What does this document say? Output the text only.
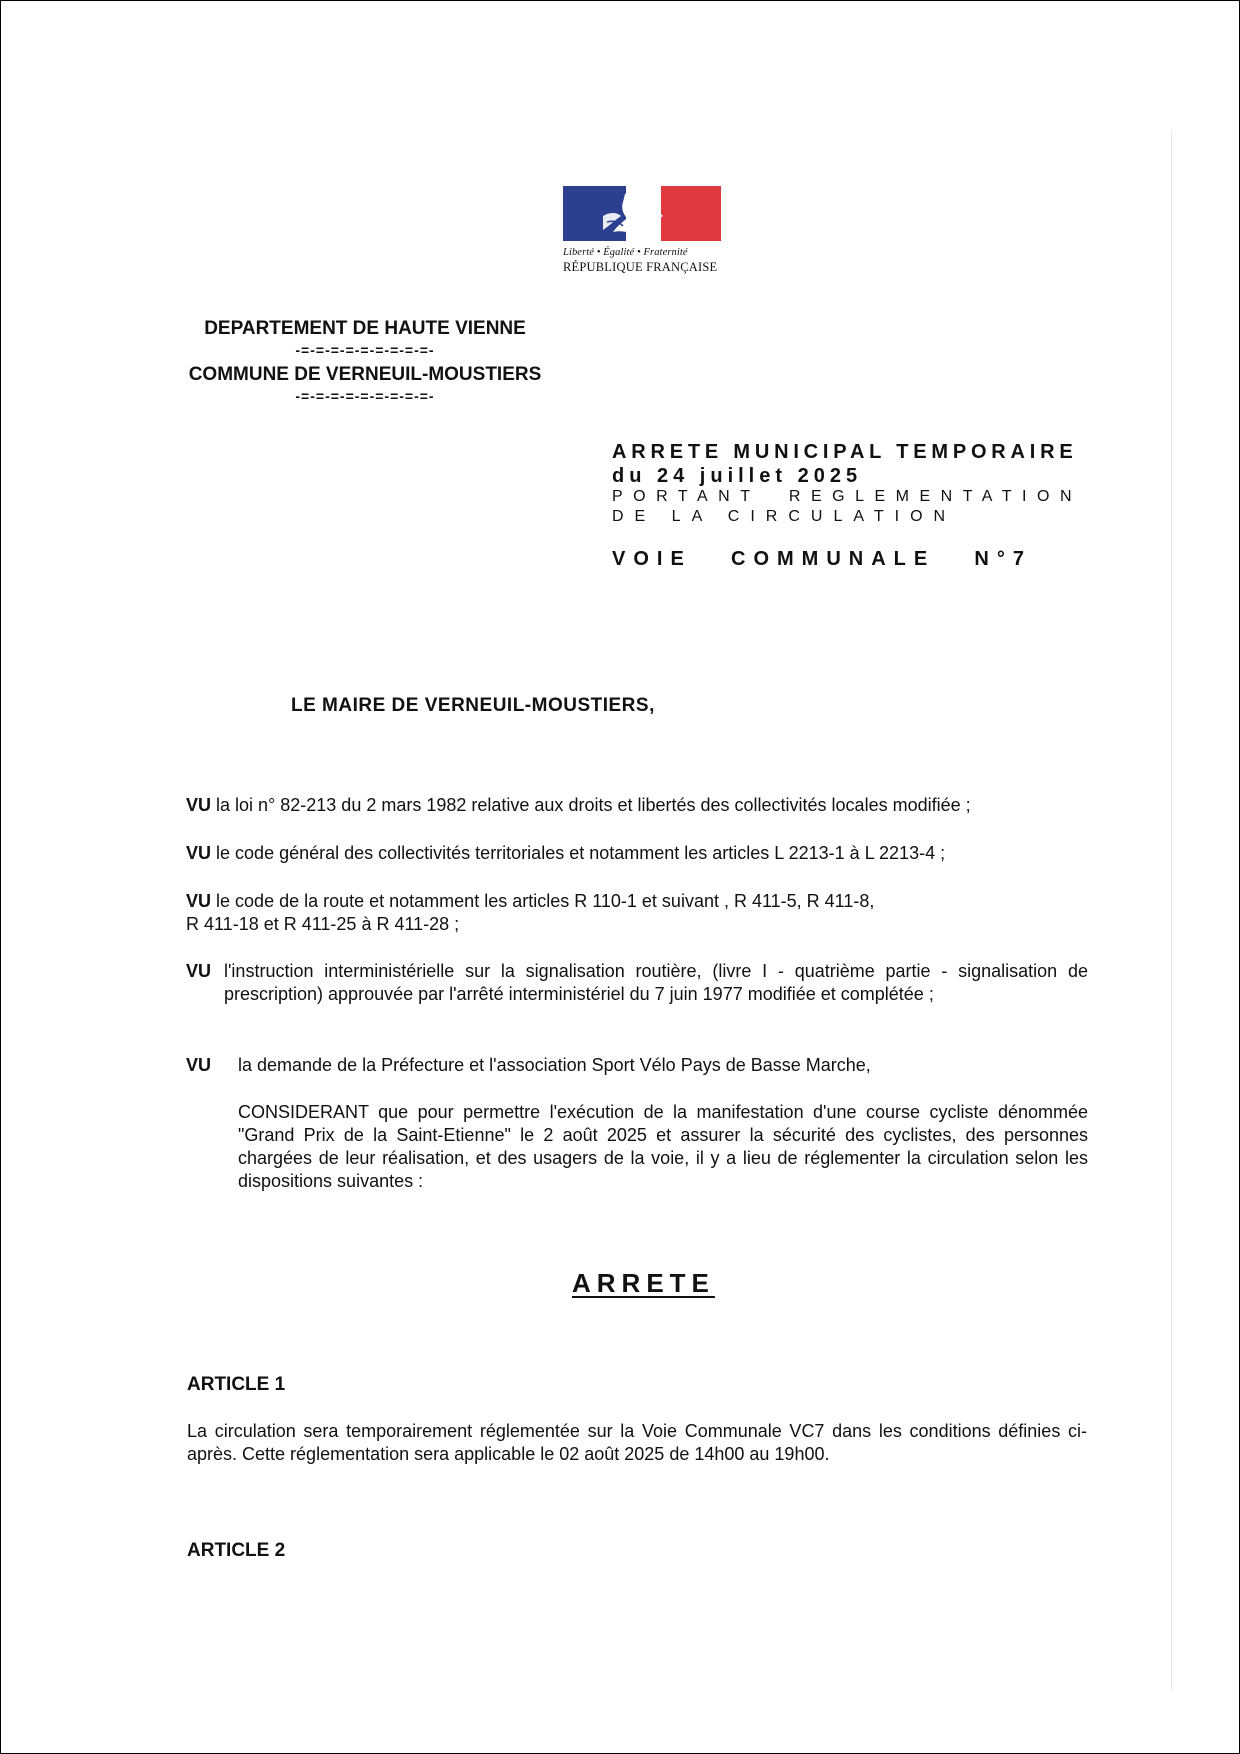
Liberté • Égalité • Fraternité
RÉPUBLIQUE FRANÇAISE

DEPARTEMENT DE HAUTE VIENNE

-=-=-=-=-=-=-=-=-=-

COMMUNE DE VERNEUIL-MOUSTIERS

-=-=-=-=-=-=-=-=-=-

ARRETE MUNICIPAL TEMPORAIRE
du 24 juillet 2025
PORTANT REGLEMENTATION
DE LA CIRCULATION
VOIE COMMUNALE N°7
LE MAIRE DE VERNEUIL-MOUSTIERS,
VU la loi n° 82-213 du 2 mars 1982 relative aux droits et libertés des collectivités locales modifiée ;
VU le code général des collectivités territoriales et notamment les articles L 2213-1 à L 2213-4 ;
VU le code de la route et notamment les articles R 110-1 et suivant , R 411-5, R 411-8,
R 411-18 et R 411-25 à R 411-28 ;
VU l'instruction interministérielle sur la signalisation routière, (livre I - quatrième partie - signalisation de prescription) approuvée par l'arrêté interministériel du 7 juin 1977 modifiée et complétée ;
VU	la demande de la Préfecture et l'association Sport Vélo Pays de Basse Marche,
CONSIDERANT que pour permettre l'exécution de la manifestation d'une course cycliste dénommée "Grand Prix de la Saint-Etienne" le 2 août 2025 et assurer la sécurité des cyclistes, des personnes chargées de leur réalisation, et des usagers de la voie, il y a lieu de réglementer la circulation selon les dispositions suivantes :
ARRETE
ARTICLE 1
La circulation sera temporairement réglementée sur la Voie Communale VC7 dans les conditions définies ci-après. Cette réglementation sera applicable le 02 août 2025 de 14h00 au 19h00.
ARTICLE 2
